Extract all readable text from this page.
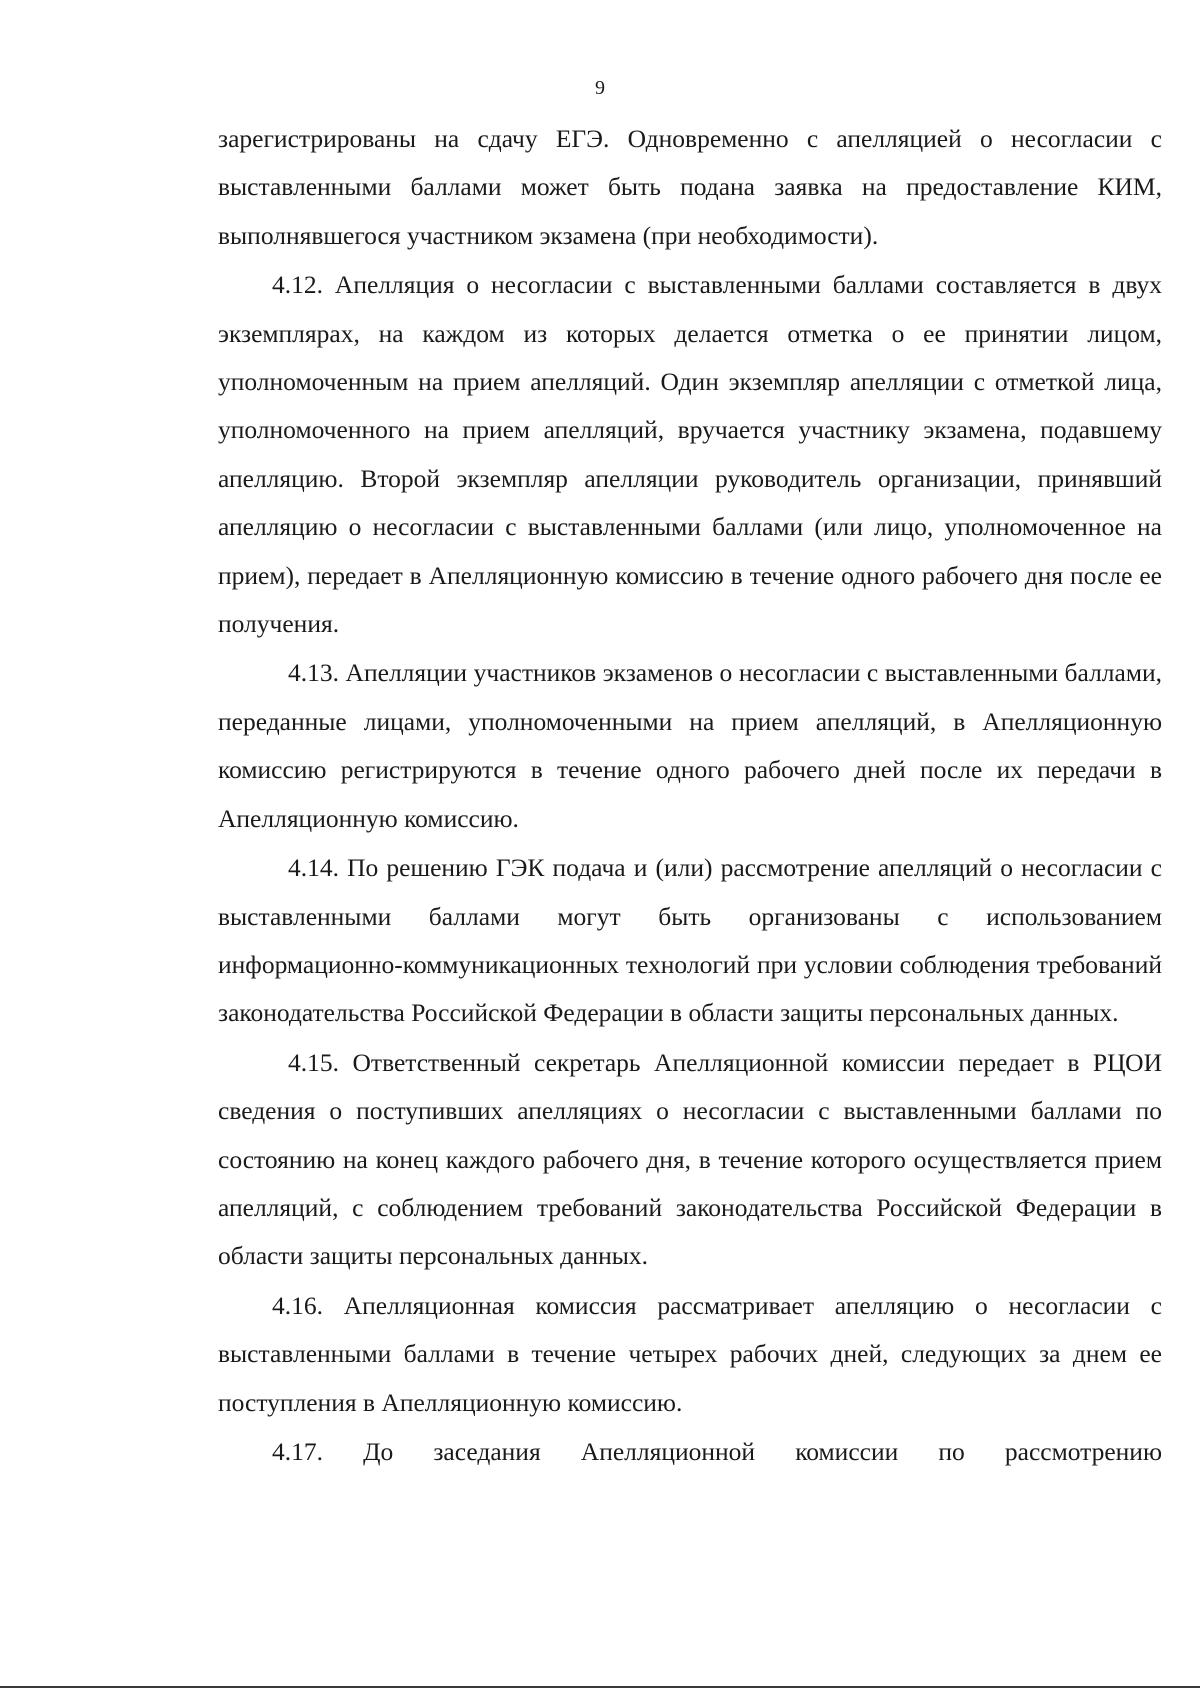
9

зарегистрированы на сдачу ЕГЭ. Одновременно с апелляцией о несогласии с выставленными баллами может быть подана заявка на предоставление КИМ, выполнявшегося участником экзамена (при необходимости).

4.12. Апелляция о несогласии с выставленными баллами составляется в двух экземплярах, на каждом из которых делается отметка о ее принятии лицом, уполномоченным на прием апелляций. Один экземпляр апелляции с отметкой лица, уполномоченного на прием апелляций, вручается участнику экзамена, подавшему апелляцию. Второй экземпляр апелляции руководитель организации, принявший апелляцию о несогласии с выставленными баллами (или лицо, уполномоченное на прием), передает в Апелляционную комиссию в течение одного рабочего дня после ее получения.

4.13. Апелляции участников экзаменов о несогласии с выставленными баллами, переданные лицами, уполномоченными на прием апелляций, в Апелляционную комиссию регистрируются в течение одного рабочего дней после их передачи в Апелляционную комиссию.

4.14. По решению ГЭК подача и (или) рассмотрение апелляций о несогласии с выставленными баллами могут быть организованы с использованием информационно-коммуникационных технологий при условии соблюдения требований законодательства Российской Федерации в области защиты персональных данных.

4.15. Ответственный секретарь Апелляционной комиссии передает в РЦОИ сведения о поступивших апелляциях о несогласии с выставленными баллами по состоянию на конец каждого рабочего дня, в течение которого осуществляется прием апелляций, с соблюдением требований законодательства Российской Федерации в области защиты персональных данных.

4.16. Апелляционная комиссия рассматривает апелляцию о несогласии с выставленными баллами в течение четырех рабочих дней, следующих за днем ее поступления в Апелляционную комиссию.

4.17. До заседания Апелляционной комиссии по рассмотрению
